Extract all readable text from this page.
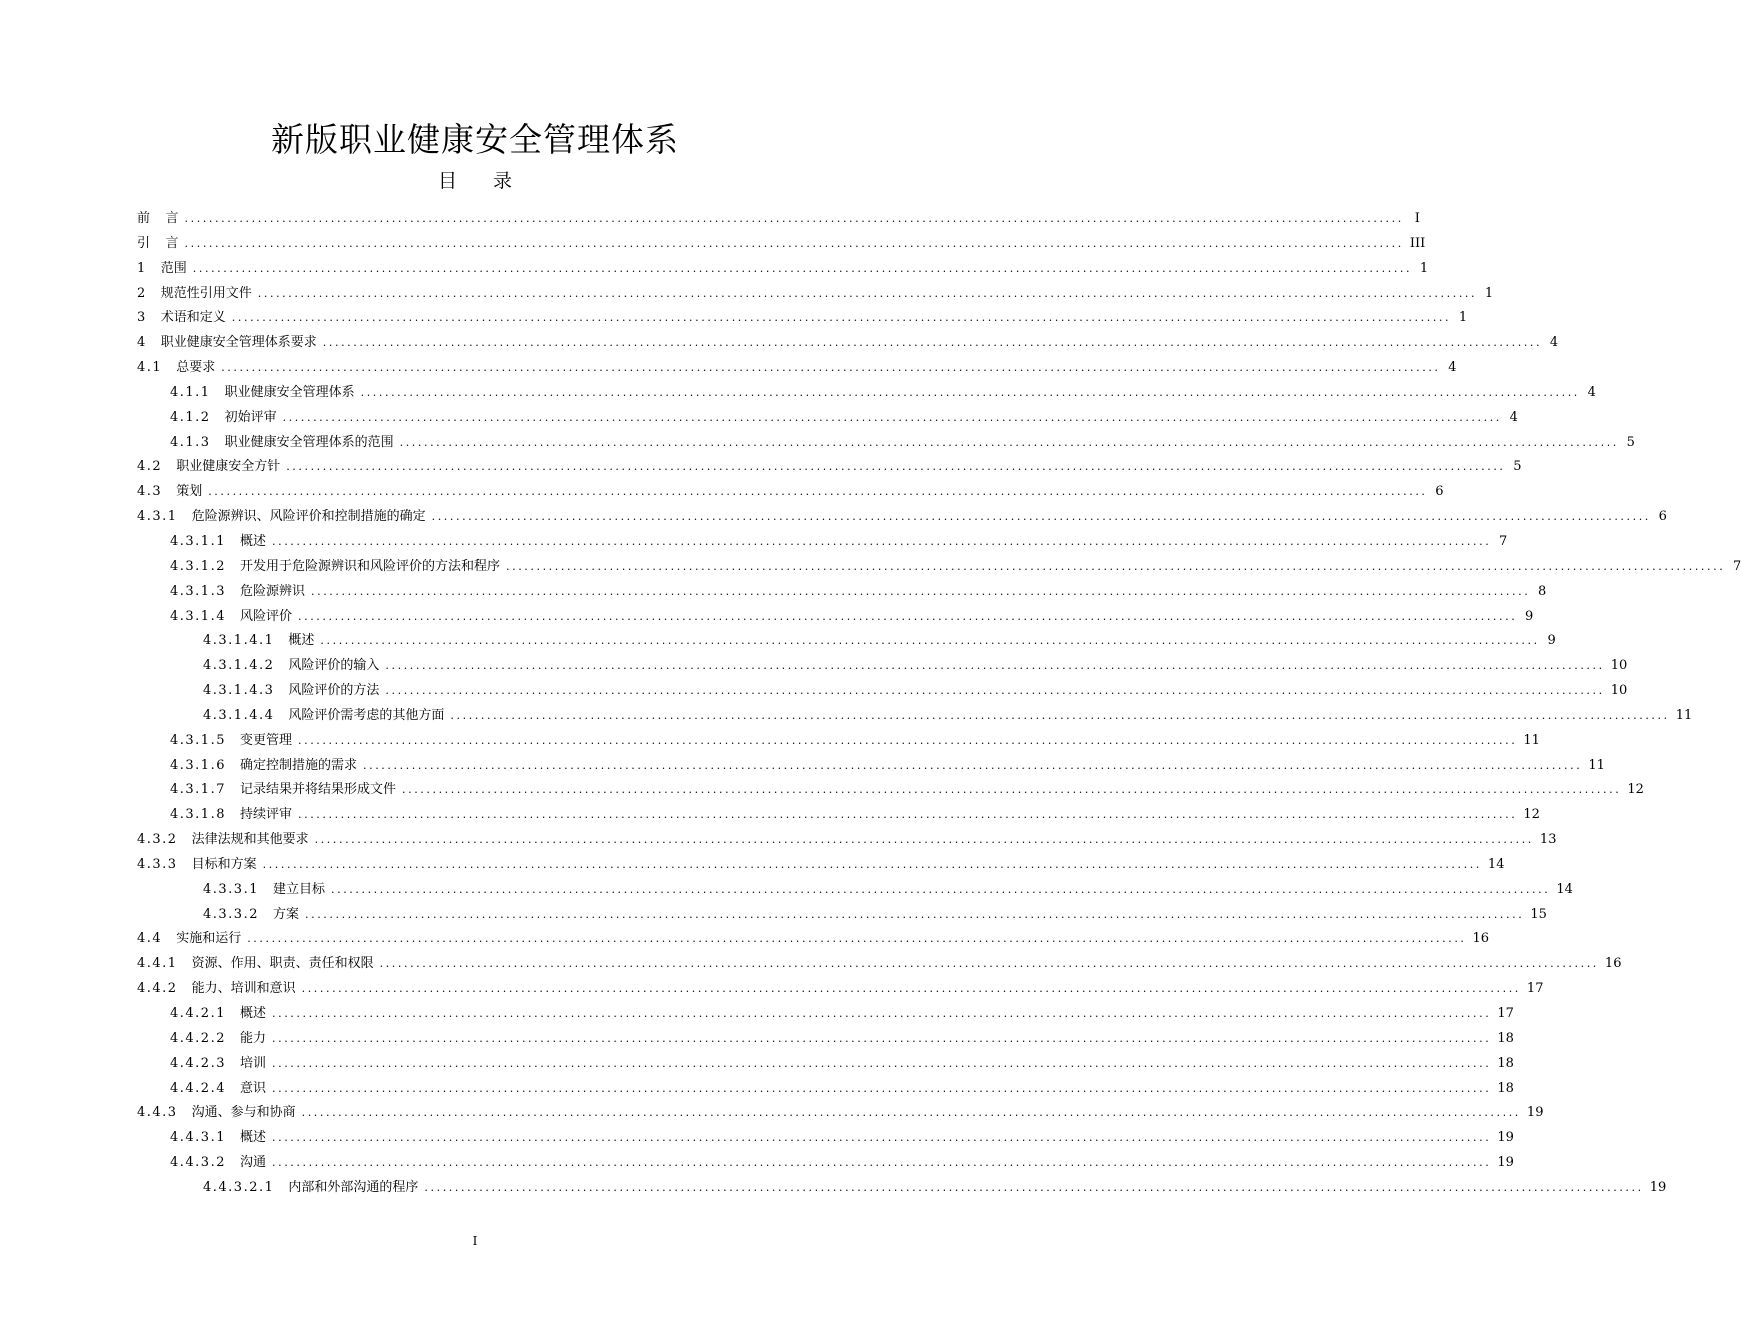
新版职业健康安全管理体系
目 录
前 言 ........................................................................................................................................................................................................ I
引 言 ........................................................................................................................................................................................................ III
1 范围 ........................................................................................................................................................................................................ 1
2 规范性引用文件 ........................................................................................................................................................................................................ 1
3 术语和定义 ........................................................................................................................................................................................................ 1
4 职业健康安全管理体系要求 ........................................................................................................................................................................................................ 4
4.1 总要求 ........................................................................................................................................................................................................ 4
4.1.1 职业健康安全管理体系 ........................................................................................................................................................................................................ 4
4.1.2 初始评审 ........................................................................................................................................................................................................ 4
4.1.3 职业健康安全管理体系的范围 ........................................................................................................................................................................................................ 5
4.2 职业健康安全方针 ........................................................................................................................................................................................................ 5
4.3 策划 ........................................................................................................................................................................................................ 6
4.3.1 危险源辨识、风险评价和控制措施的确定 ........................................................................................................................................................................................................ 6
4.3.1.1 概述 ........................................................................................................................................................................................................ 7
4.3.1.2 开发用于危险源辨识和风险评价的方法和程序 ........................................................................................................................................................................................................ 7
4.3.1.3 危险源辨识 ........................................................................................................................................................................................................ 8
4.3.1.4 风险评价 ........................................................................................................................................................................................................ 9
4.3.1.4.1 概述 ........................................................................................................................................................................................................ 9
4.3.1.4.2 风险评价的输入 ........................................................................................................................................................................................................ 10
4.3.1.4.3 风险评价的方法 ........................................................................................................................................................................................................ 10
4.3.1.4.4 风险评价需考虑的其他方面 ........................................................................................................................................................................................................ 11
4.3.1.5 变更管理 ........................................................................................................................................................................................................ 11
4.3.1.6 确定控制措施的需求 ........................................................................................................................................................................................................ 11
4.3.1.7 记录结果并将结果形成文件 ........................................................................................................................................................................................................ 12
4.3.1.8 持续评审 ........................................................................................................................................................................................................ 12
4.3.2 法律法规和其他要求 ........................................................................................................................................................................................................ 13
4.3.3 目标和方案 ........................................................................................................................................................................................................ 14
4.3.3.1 建立目标 ........................................................................................................................................................................................................ 14
4.3.3.2 方案 ........................................................................................................................................................................................................ 15
4.4 实施和运行 ........................................................................................................................................................................................................ 16
4.4.1 资源、作用、职责、责任和权限 ........................................................................................................................................................................................................ 16
4.4.2 能力、培训和意识 ........................................................................................................................................................................................................ 17
4.4.2.1 概述 ........................................................................................................................................................................................................ 17
4.4.2.2 能力 ........................................................................................................................................................................................................ 18
4.4.2.3 培训 ........................................................................................................................................................................................................ 18
4.4.2.4 意识 ........................................................................................................................................................................................................ 18
4.4.3 沟通、参与和协商 ........................................................................................................................................................................................................ 19
4.4.3.1 概述 ........................................................................................................................................................................................................ 19
4.4.3.2 沟通 ........................................................................................................................................................................................................ 19
4.4.3.2.1 内部和外部沟通的程序 ........................................................................................................................................................................................................ 19
I
